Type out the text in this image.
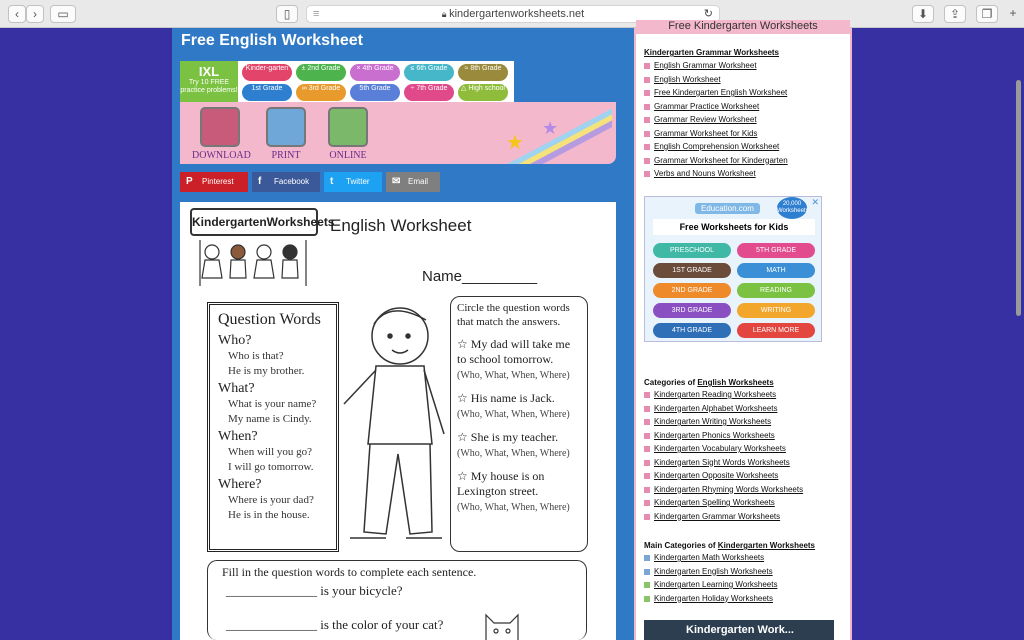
‹	›	▭	▯	🔒︎ kindergartenworksheets.net	↻
≡	⬇	⇪	❐	+
Free English Worksheet
IXL
Try 10 FREE practice problems!
Kinder-garten	± 2nd Grade	× 4th Grade	≤ 6th Grade	≈ 8th Grade
1st Grade	∞ 3rd Grade	5th Grade	÷ 7th Grade	△ High school
DOWNLOAD	PRINT	ONLINE
★
★
P Pinterest	f Facebook	t Twitter	✉ Email
KindergartenWorksheets
English Worksheet
Name_________
Question Words
Who?
Who is that?
He is my brother.
What?
What is your name?
My name is Cindy.
When?
When will you go?
I will go tomorrow.
Where?
Where is your dad?
He is in the house.
Circle the question words that match the answers.
☆ My dad will take me to school tomorrow.
(Who, What, When, Where)
☆ His name is Jack.
(Who, What, When, Where)
☆ She is my teacher.
(Who, What, When, Where)
☆ My house is on Lexington street.
(Who, What, When, Where)
Fill in the question words to complete each sentence.
______________ is your bicycle?
______________ is the color of your cat?
Free Kindergarten Worksheets
Kindergarten Grammar Worksheets
English Grammar Worksheet
English Worksheet
Free Kindergarten English Worksheet
Grammar Practice Worksheet
Grammar Review Worksheet
Grammar Worksheet for Kids
English Comprehension Worksheet
Grammar Worksheet for Kindergarten
Verbs and Nouns Worksheet
Education.com	20,000 Worksheets
✕
Free Worksheets for Kids
PRESCHOOL	5TH GRADE
1ST GRADE	MATH
2ND GRADE	READING
3RD GRADE	WRITING
4TH GRADE	LEARN MORE
Categories of English Worksheets
Kindergarten Reading Worksheets
Kindergarten Alphabet Worksheets
Kindergarten Writing Worksheets
Kindergarten Phonics Worksheets
Kindergarten Vocabulary Worksheets
Kindergarten Sight Words Worksheets
Kindergarten Opposite Worksheets
Kindergarten Rhyming Words Worksheets
Kindergarten Spelling Worksheets
Kindergarten Grammar Worksheets
Main Categories of Kindergarten Worksheets
Kindergarten Math Worksheets
Kindergarten English Worksheets
Kindergarten Learning Worksheets
Kindergarten Holiday Worksheets
Kindergarten Work...
